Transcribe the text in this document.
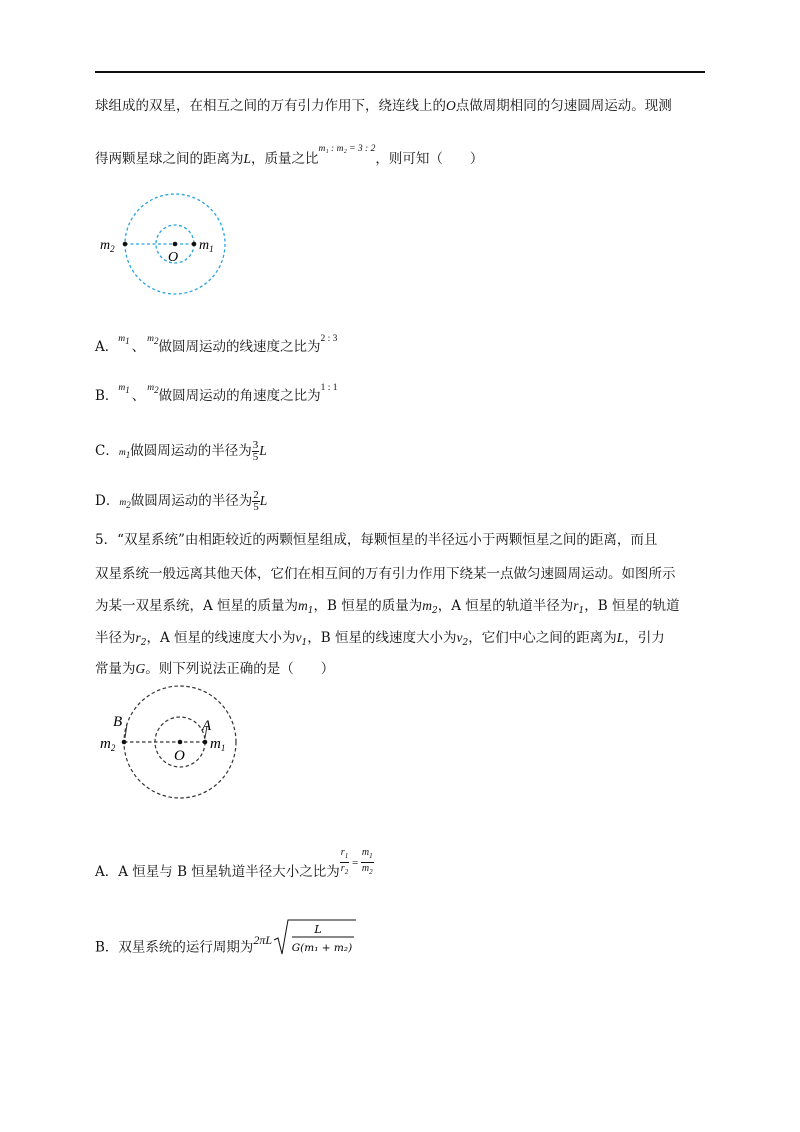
球组成的双星，在相互之间的万有引力作用下，绕连线上的O点做周期相同的匀速圆周运动。现测
得两颗星球之间的距离为L，质量之比$^{m_1 : m_2 = 3 : 2}$，则可知（　　）
$m_2$	$m_1$
O
A．$^{m_1}$ 、 $^{m_2}$做圆周运动的线速度之比为$^{2 : 3}$
B．$^{m_1}$ 、 $^{m_2}$做圆周运动的角速度之比为$^{1 : 1}$
C．$m_1$做圆周运动的半径为 $\frac{3}{5}$ L
D．$m_2$做圆周运动的半径为 $\frac{2}{5}$ L
5．“双星系统”由相距较近的两颗恒星组成，每颗恒星的半径远小于两颗恒星之间的距离，而且
双星系统一般远离其他天体，它们在相互间的万有引力作用下绕某一点做匀速圆周运动。如图所示
为某一双星系统，A 恒星的质量为$m_1$，B 恒星的质量为$m_2$，A 恒星的轨道半径为$r_1$，B 恒星的轨道
半径为$r_2$，A 恒星的线速度大小为$v_1$，B 恒星的线速度大小为$v_2$，它们中心之间的距离为L，引力
常量为G。则下列说法正确的是（　　）
B	A
$m_2$	$m_1$
O
A．A 恒星与 B 恒星轨道半径大小之比为 $\frac{r_1}{r_2} ^= \frac{m_1}{m_2}$
B．双星系统的运行周期为2πL
L
G(m₁ + m₂)
